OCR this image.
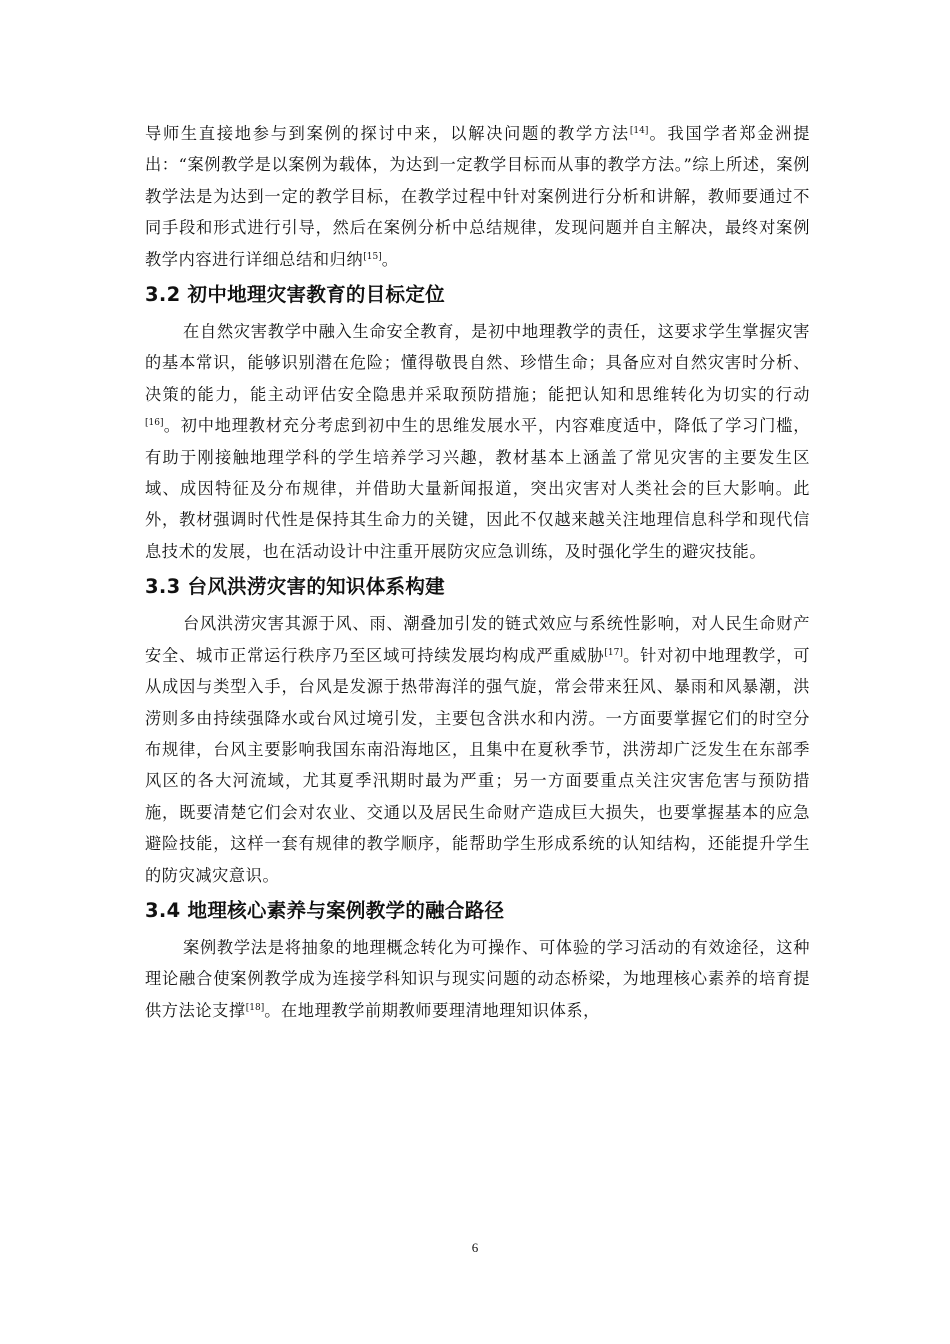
导师生直接地参与到案例的探讨中来，以解决问题的教学方法[14]。我国学者郑金洲提出：“案例教学是以案例为载体，为达到一定教学目标而从事的教学方法。”综上所述，案例教学法是为达到一定的教学目标，在教学过程中针对案例进行分析和讲解，教师要通过不同手段和形式进行引导，然后在案例分析中总结规律，发现问题并自主解决，最终对案例教学内容进行详细总结和归纳[15]。

3.2 初中地理灾害教育的目标定位

在自然灾害教学中融入生命安全教育，是初中地理教学的责任，这要求学生掌握灾害的基本常识，能够识别潜在危险；懂得敬畏自然、珍惜生命；具备应对自然灾害时分析、决策的能力，能主动评估安全隐患并采取预防措施；能把认知和思维转化为切实的行动[16]。初中地理教材充分考虑到初中生的思维发展水平，内容难度适中，降低了学习门槛，有助于刚接触地理学科的学生培养学习兴趣，教材基本上涵盖了常见灾害的主要发生区域、成因特征及分布规律，并借助大量新闻报道，突出灾害对人类社会的巨大影响。此外，教材强调时代性是保持其生命力的关键，因此不仅越来越关注地理信息科学和现代信息技术的发展，也在活动设计中注重开展防灾应急训练，及时强化学生的避灾技能。

3.3 台风洪涝灾害的知识体系构建

台风洪涝灾害其源于风、雨、潮叠加引发的链式效应与系统性影响，对人民生命财产安全、城市正常运行秩序乃至区域可持续发展均构成严重威胁[17]。针对初中地理教学，可从成因与类型入手，台风是发源于热带海洋的强气旋，常会带来狂风、暴雨和风暴潮，洪涝则多由持续强降水或台风过境引发，主要包含洪水和内涝。一方面要掌握它们的时空分布规律，台风主要影响我国东南沿海地区，且集中在夏秋季节，洪涝却广泛发生在东部季风区的各大河流域，尤其夏季汛期时最为严重；另一方面要重点关注灾害危害与预防措施，既要清楚它们会对农业、交通以及居民生命财产造成巨大损失，也要掌握基本的应急避险技能，这样一套有规律的教学顺序，能帮助学生形成系统的认知结构，还能提升学生的防灾减灾意识。

3.4 地理核心素养与案例教学的融合路径

案例教学法是将抽象的地理概念转化为可操作、可体验的学习活动的有效途径，这种理论融合使案例教学成为连接学科知识与现实问题的动态桥梁，为地理核心素养的培育提供方法论支撑[18]。在地理教学前期教师要理清地理知识体系，

6
